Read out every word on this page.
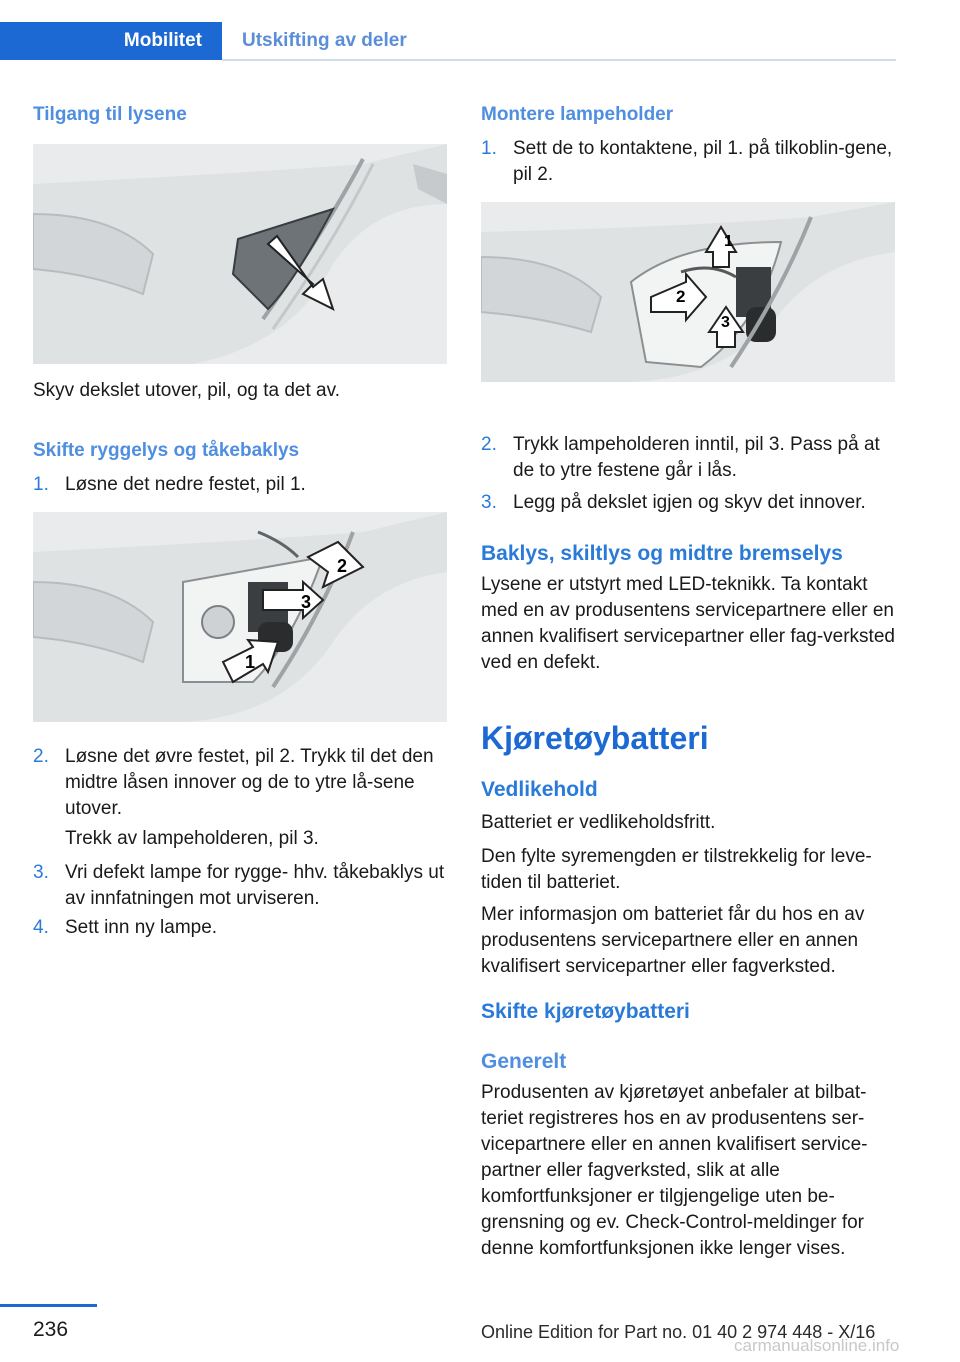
Mobilitet	Utskifting av deler
Tilgang til lysene
Skyv dekslet utover, pil, og ta det av.
Skifte ryggelys og tåkebaklys
1. Løsne det nedre festet, pil 1.
2
3
1
2. Løsne det øvre festet, pil 2. Trykk til det den midtre låsen innover og de to ytre lå‐sene utover.
Trekk av lampeholderen, pil 3.
3. Vri defekt lampe for rygge- hhv. tåkebaklys ut av innfatningen mot urviseren.
4. Sett inn ny lampe.
Montere lampeholder
1. Sett de to kontaktene, pil 1. på tilkoblin‐gene, pil 2.
1
2
3
2. Trykk lampeholderen inntil, pil 3. Pass på at de to ytre festene går i lås.
3. Legg på dekslet igjen og skyv det innover.
Baklys, skiltlys og midtre bremselys
Lysene er utstyrt med LED-teknikk. Ta kontakt med en av produsentens servicepartnere eller en annen kvalifisert servicepartner eller fag‐verksted ved en defekt.
Kjøretøybatteri
Vedlikehold
Batteriet er vedlikeholdsfritt.
Den fylte syremengden er tilstrekkelig for leve‐tiden til batteriet.
Mer informasjon om batteriet får du hos en av produsentens servicepartnere eller en annen kvalifisert servicepartner eller fagverksted.
Skifte kjøretøybatteri
Generelt
Produsenten av kjøretøyet anbefaler at bilbat‐teriet registreres hos en av produsentens ser‐vicepartnere eller en annen kvalifisert service‐partner eller fagverksted, slik at alle komfortfunksjoner er tilgjengelige uten be‐grensning og ev. Check-Control-meldinger for denne komfortfunksjonen ikke lenger vises.
236	Online Edition for Part no. 01 40 2 974 448 - X/16
carmanualsonline.info
